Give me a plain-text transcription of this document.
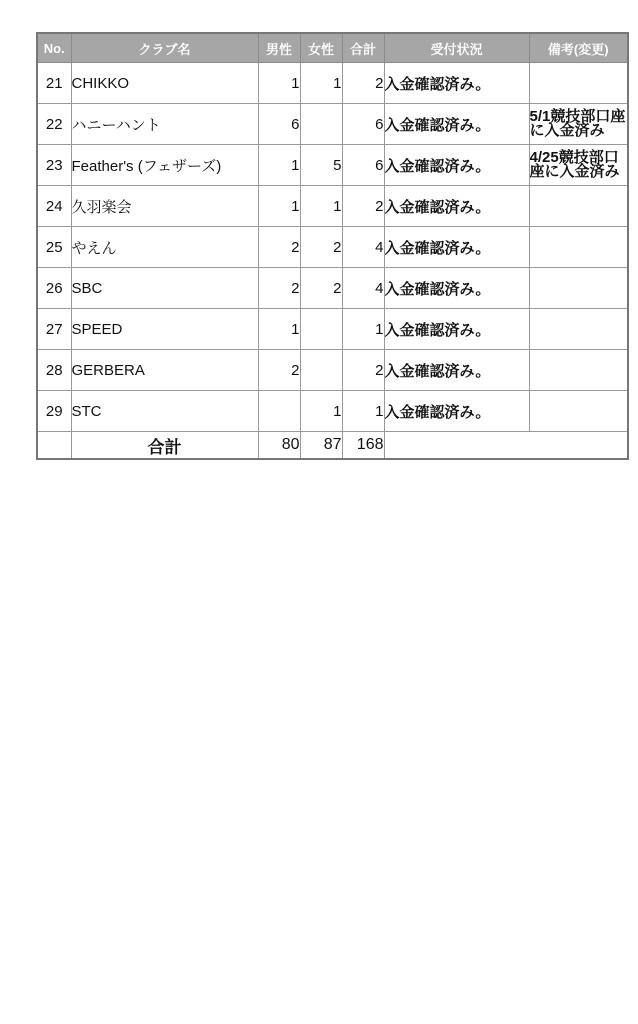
No.	クラブ名	男性	女性	合計	受付状況	備考(変更)
21	CHIKKO	1	1	2	入金確認済み。	
22	ハニーハント	6		6	入金確認済み。	5/1競技部口座に入金済み
23	Feather's (フェザーズ)	1	5	6	入金確認済み。	4/25競技部口座に入金済み
24	久羽楽会	1	1	2	入金確認済み。	
25	やえん	2	2	4	入金確認済み。	
26	SBC	2	2	4	入金確認済み。	
27	SPEED	1		1	入金確認済み。	
28	GERBERA	2		2	入金確認済み。	
29	STC		1	1	入金確認済み。	
	合計	80	87	168		
